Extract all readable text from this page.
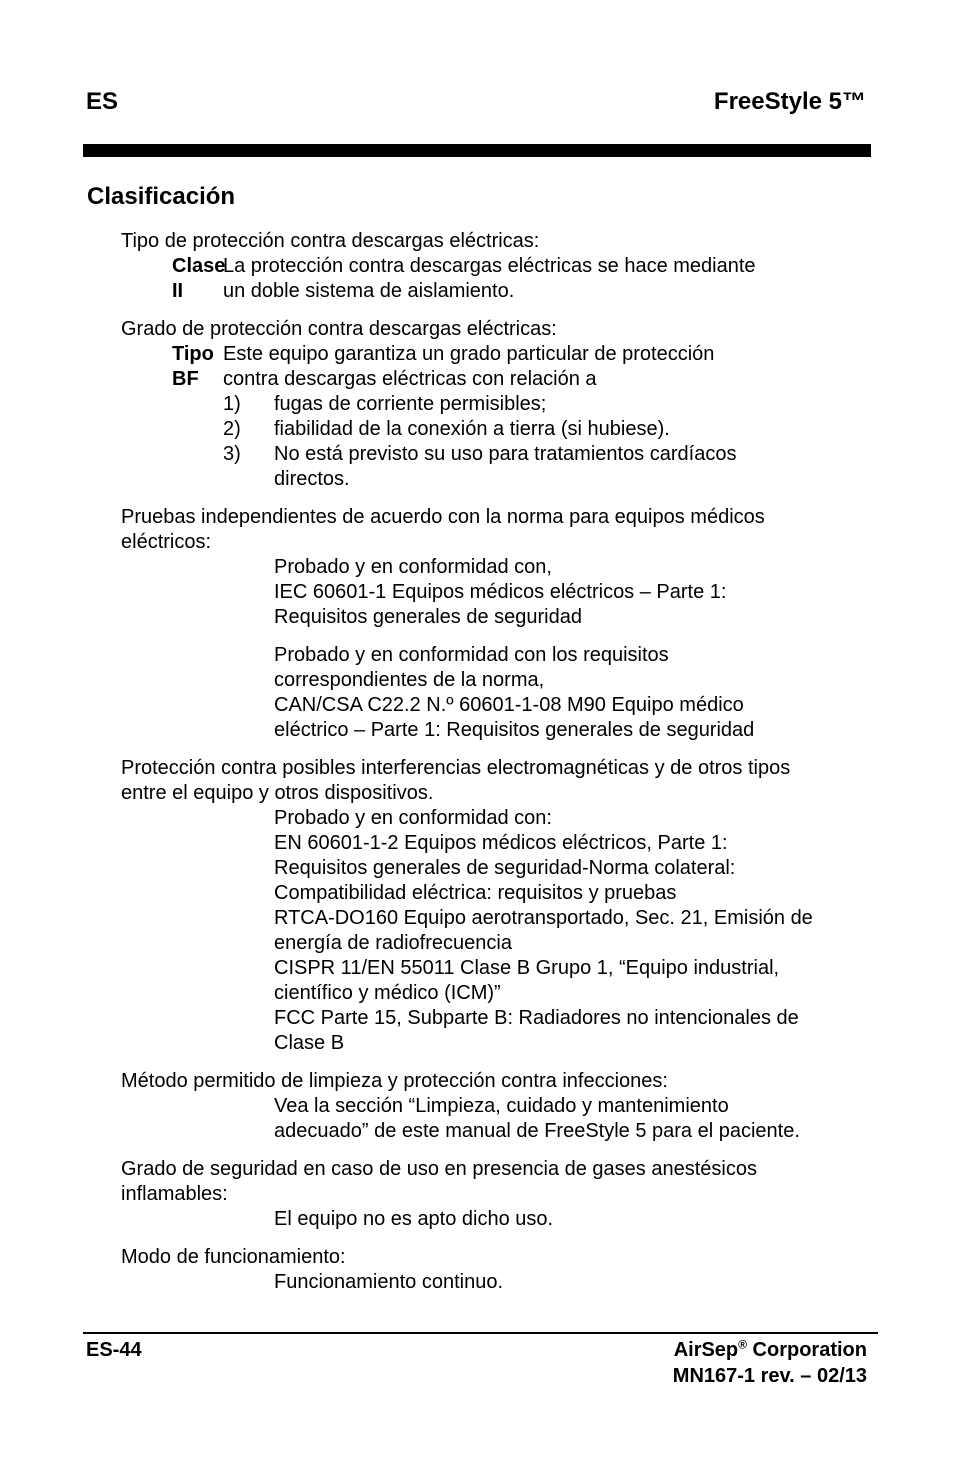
ES	FreeStyle 5™
Clasificación
Tipo de protección contra descargas eléctricas:
Clase II
La protección contra descargas eléctricas se hace mediante
un doble sistema de aislamiento.
Grado de protección contra descargas eléctricas:
Tipo BF
Este equipo garantiza un grado particular de protección
contra descargas eléctricas con relación a
1)	fugas de corriente permisibles;
2)	fiabilidad de la conexión a tierra (si hubiese).
3)	No está previsto su uso para tratamientos cardíacos
directos.
Pruebas independientes de acuerdo con la norma para equipos médicos
eléctricos:

Probado y en conformidad con,

IEC 60601-1 Equipos médicos eléctricos – Parte 1:

Requisitos generales de seguridad

Probado y en conformidad con los requisitos

correspondientes de la norma,

CAN/CSA C22.2 N.º 60601-1-08 M90 Equipo médico

eléctrico – Parte 1: Requisitos generales de seguridad

Protección contra posibles interferencias electromagnéticas y de otros tipos
entre el equipo y otros dispositivos.

Probado y en conformidad con:

EN 60601-1-2 Equipos médicos eléctricos, Parte 1:

Requisitos generales de seguridad-Norma colateral:

Compatibilidad eléctrica: requisitos y pruebas

RTCA-DO160 Equipo aerotransportado, Sec. 21, Emisión de

energía de radiofrecuencia

CISPR 11/EN 55011 Clase B Grupo 1, “Equipo industrial,

científico y médico (ICM)”

FCC Parte 15, Subparte B: Radiadores no intencionales de

Clase B

Método permitido de limpieza y protección contra infecciones:

Vea la sección “Limpieza, cuidado y mantenimiento

adecuado” de este manual de FreeStyle 5 para el paciente.

Grado de seguridad en caso de uso en presencia de gases anestésicos
inflamables:

El equipo no es apto dicho uso.

Modo de funcionamiento:

Funcionamiento continuo.

ES-44	AirSep® Corporation
MN167-1 rev. – 02/13
